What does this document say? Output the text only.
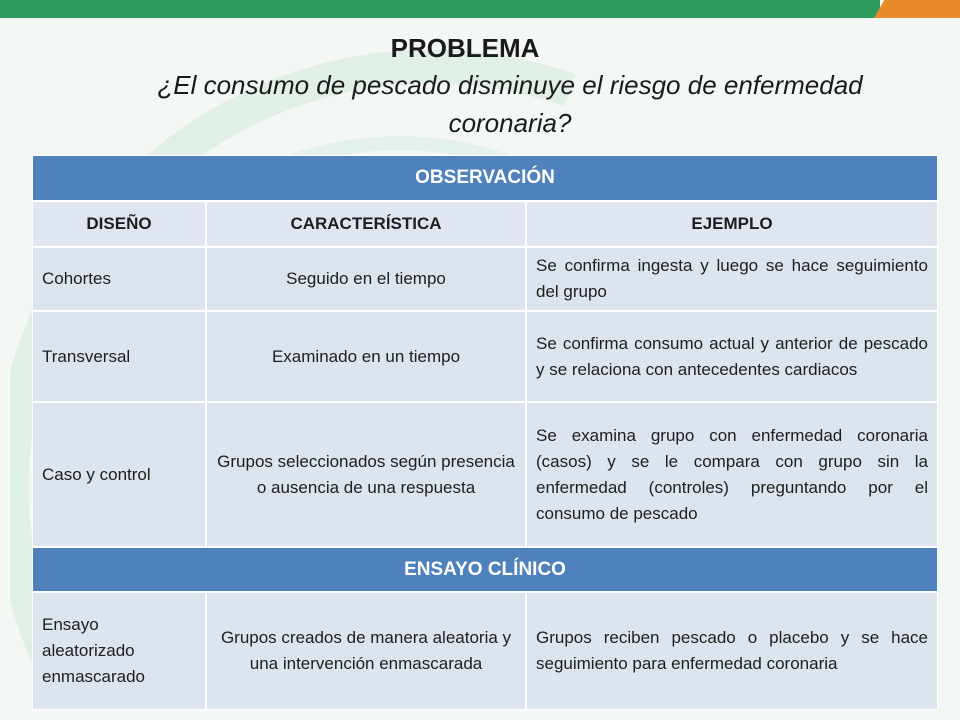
PROBLEMA
¿El consumo de pescado disminuye el riesgo de enfermedad coronaria?
OBSERVACIÓN		
DISEÑO	CARACTERÍSTICA	EJEMPLO
Cohortes	Seguido en el tiempo	Se confirma ingesta y luego se hace seguimiento del grupo
Transversal	Examinado en un tiempo	Se confirma consumo actual y anterior de pescado y se relaciona con antecedentes cardiacos
Caso y control	Grupos seleccionados según presencia o ausencia de una respuesta	Se examina grupo con enfermedad coronaria (casos) y se le compara con grupo sin la enfermedad (controles) preguntando por el consumo de pescado
ENSAYO CLÍNICO		
Ensayo aleatorizado enmascarado	Grupos creados de manera aleatoria y una intervención enmascarada	Grupos reciben pescado o placebo y se hace seguimiento para enfermedad coronaria
